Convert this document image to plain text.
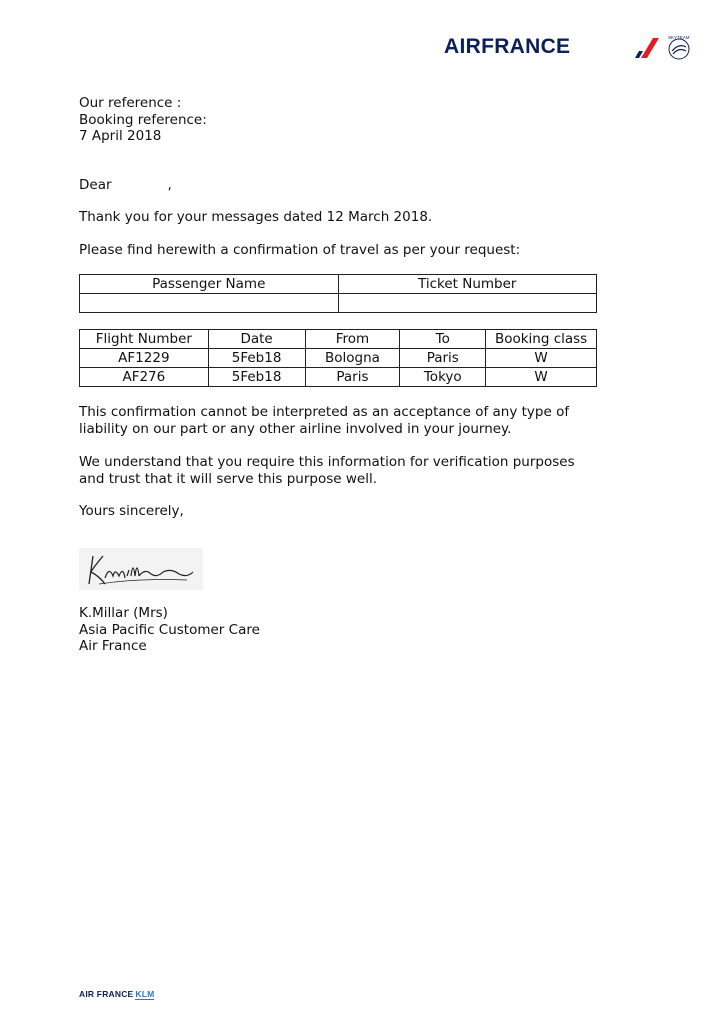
AIRFRANCE	SKYTEAM
Our reference :
Booking reference:
7 April 2018
Dear	,
Thank you for your messages dated 12 March 2018.
Please find herewith a confirmation of travel as per your request:
Passenger Name	Ticket Number

Flight Number	Date	From	To	Booking class
AF1229	5Feb18	Bologna	Paris	W
AF276	5Feb18	Paris	Tokyo	W
This confirmation cannot be interpreted as an acceptance of any type of
liability on our part or any other airline involved in your journey.
We understand that you require this information for verification purposes
and trust that it will serve this purpose well.
Yours sincerely,
K.Millar (Mrs)
Asia Pacific Customer Care
Air France
AIR FRANCE KLM
